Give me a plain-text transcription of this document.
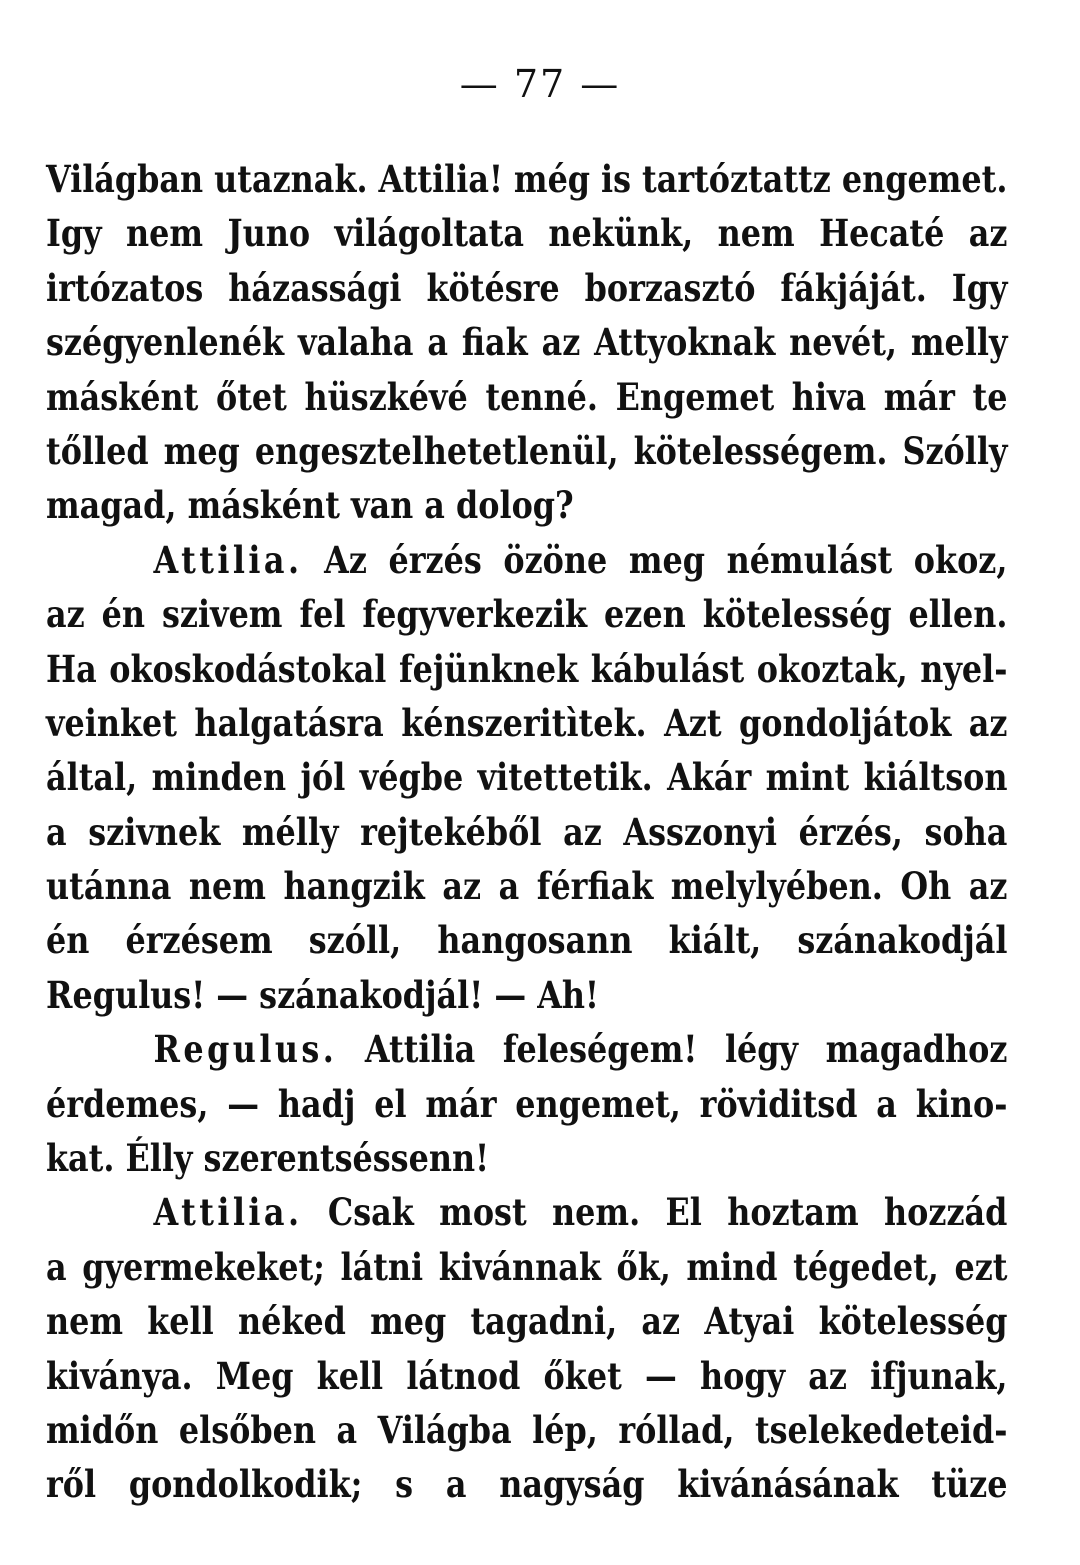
— 77 —
Világban utaznak. Attilia! még is tartóztattz engemet.
Igy nem Juno világoltata nekünk, nem Hecaté az
irtózatos házassági kötésre borzasztó fákjáját. Igy
szégyenlenék valaha a fiak az Attyoknak nevét, melly
másként őtet hüszkévé tenné. Engemet hiva már te
tőlled meg engesztelhetetlenül, kötelességem. Szólly
magad, másként van a dolog?
Attilia. Az érzés özöne meg némulást okoz,
az én szivem fel fegyverkezik ezen kötelesség ellen.
Ha okoskodástokal fejünknek kábulást okoztak, nyel-
veinket halgatásra kénszeritìtek. Azt gondoljátok az
által, minden jól végbe vitettetik. Akár mint kiáltson
a szivnek mélly rejtekéből az Asszonyi érzés, soha
utánna nem hangzik az a férfiak melylyében. Oh az
én érzésem szóll, hangosann kiált, szánakodjál
Regulus! — szánakodjál! — Ah!
Regulus. Attilia feleségem! légy magadhoz
érdemes, — hadj el már engemet, röviditsd a kino-
kat. Élly szerentséssenn!
Attilia. Csak most nem. El hoztam hozzád
a gyermekeket; látni kivánnak ők, mind tégedet, ezt
nem kell néked meg tagadni, az Atyai kötelesség
kiványa. Meg kell látnod őket — hogy az ifjunak,
midőn elsőben a Világba lép, róllad, tselekedeteid-
ről gondolkodik; s a nagyság kivánásának tüze
